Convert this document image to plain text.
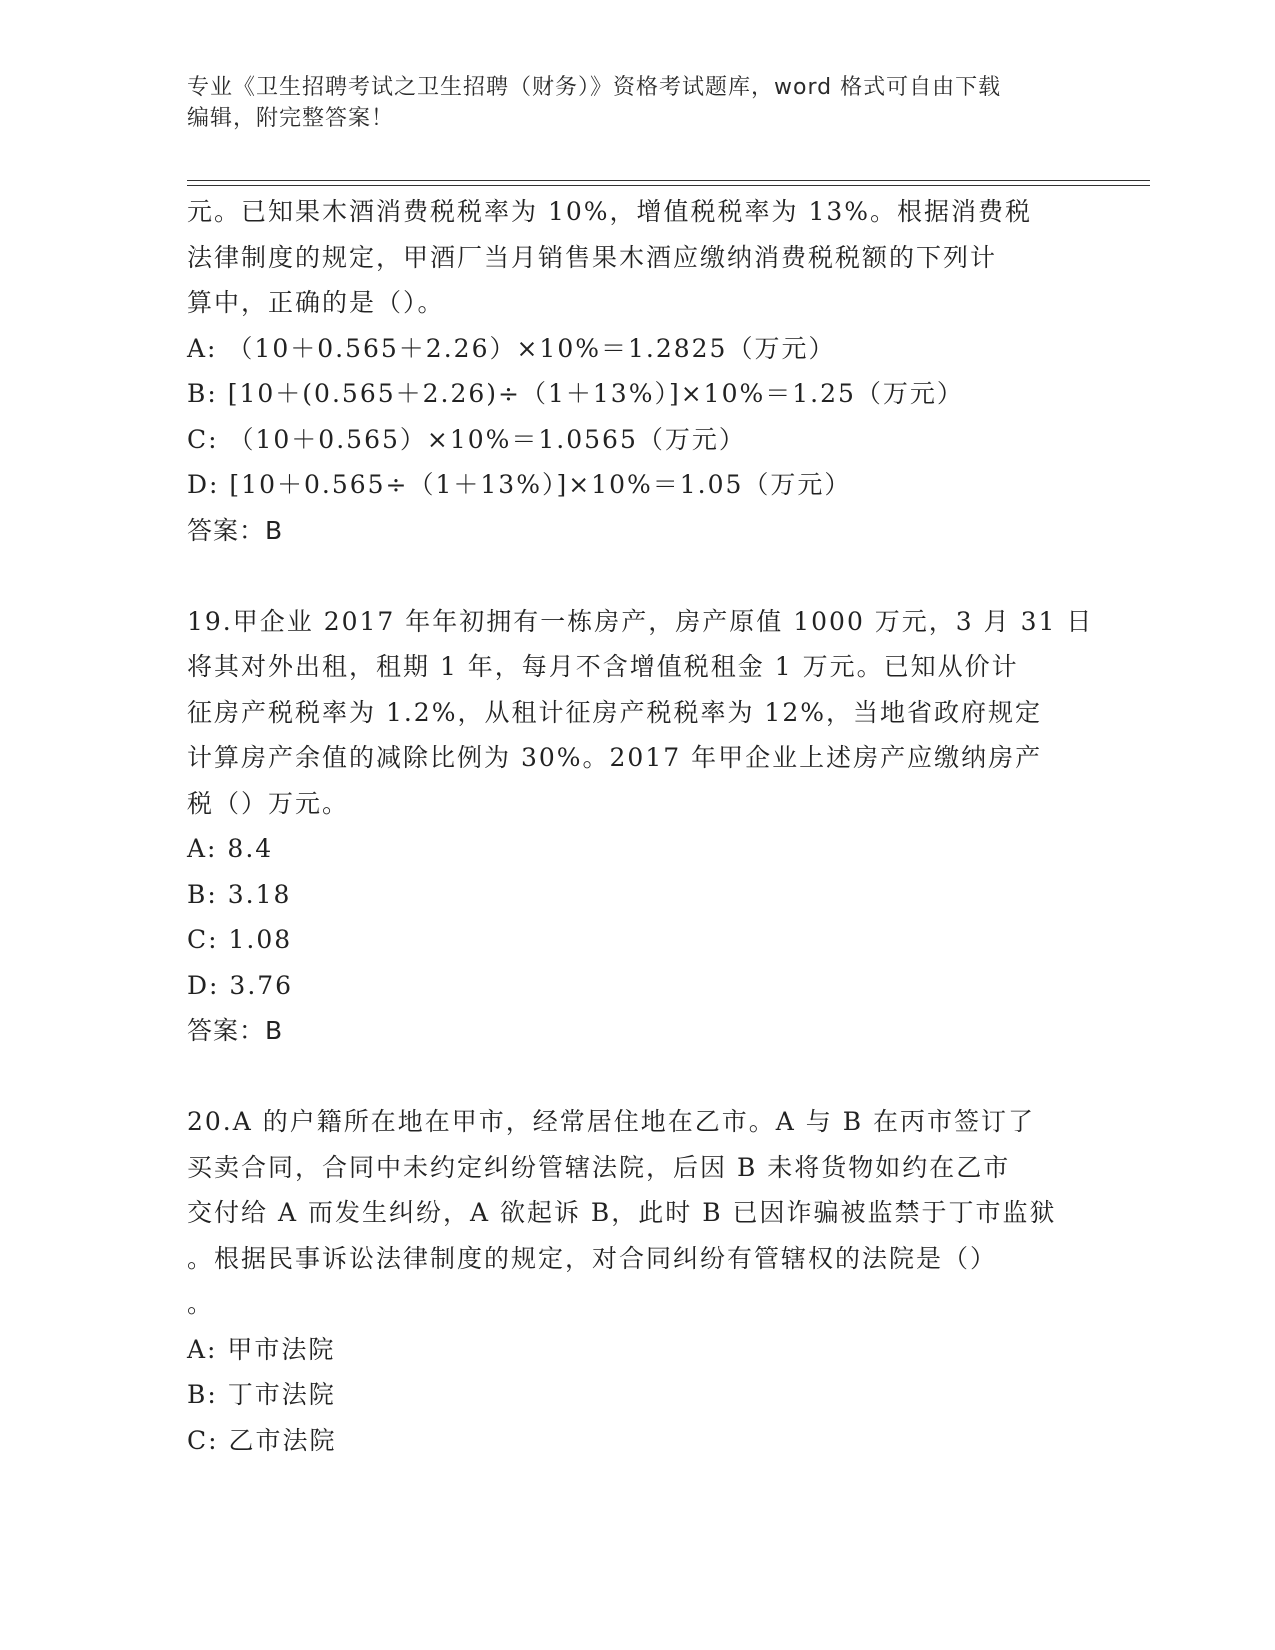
专业《卫生招聘考试之卫生招聘（财务）》资格考试题库，word 格式可自由下载
编辑，附完整答案！
元。已知果木酒消费税税率为 10%，增值税税率为 13%。根据消费税
法律制度的规定，甲酒厂当月销售果木酒应缴纳消费税税额的下列计
算中，正确的是（）。
A: （10＋0.565＋2.26）×10%＝1.2825（万元）
B: [10＋(0.565＋2.26)÷（1＋13%）]×10%＝1.25（万元）
C: （10＋0.565）×10%＝1.0565（万元）
D: [10＋0.565÷（1＋13%）]×10%＝1.05（万元）
答案：B
19.甲企业 2017 年年初拥有一栋房产，房产原值 1000 万元，3 月 31 日
将其对外出租，租期 1 年，每月不含增值税租金 1 万元。已知从价计
征房产税税率为 1.2%，从租计征房产税税率为 12%，当地省政府规定
计算房产余值的减除比例为 30%。2017 年甲企业上述房产应缴纳房产
税（）万元。
A: 8.4
B: 3.18
C: 1.08
D: 3.76
答案：B
20.A 的户籍所在地在甲市，经常居住地在乙市。A 与 B 在丙市签订了
买卖合同，合同中未约定纠纷管辖法院，后因 B 未将货物如约在乙市
交付给 A 而发生纠纷，A 欲起诉 B，此时 B 已因诈骗被监禁于丁市监狱
。根据民事诉讼法律制度的规定，对合同纠纷有管辖权的法院是（）
。
A: 甲市法院
B: 丁市法院
C: 乙市法院
